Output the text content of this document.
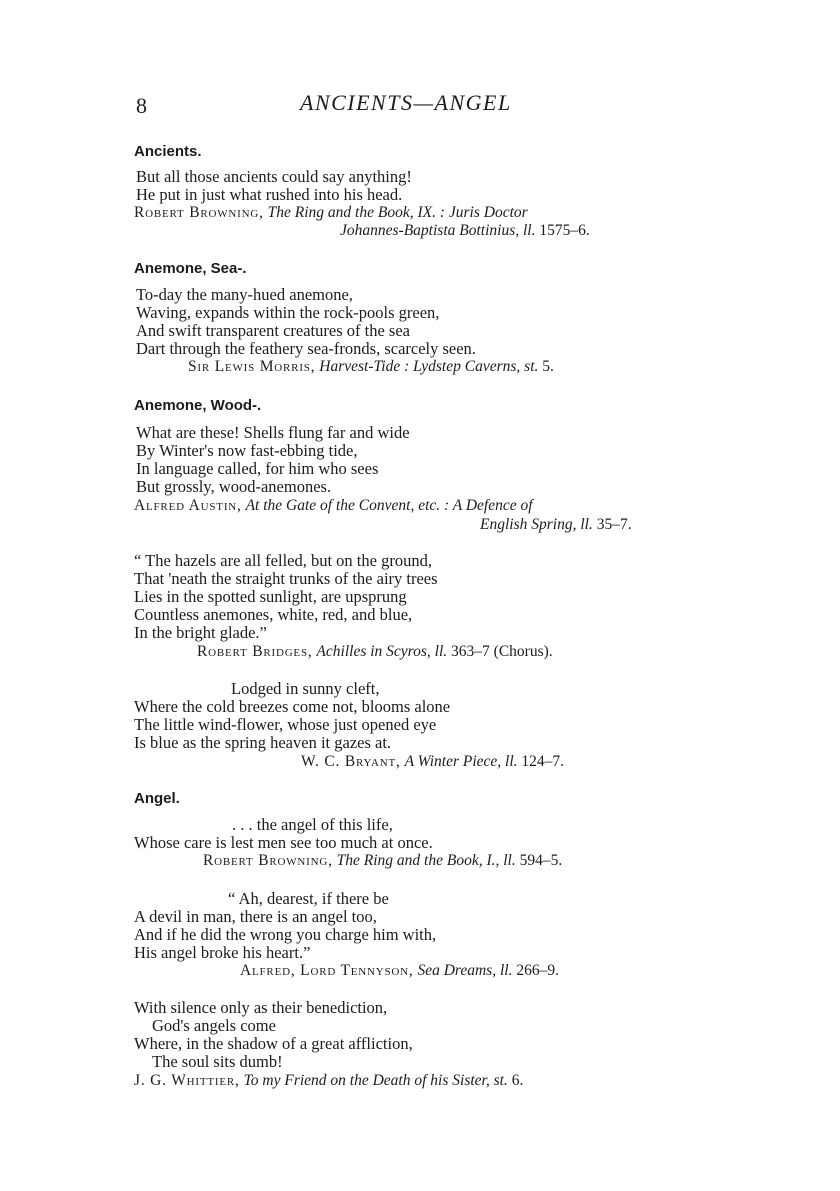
8	ANCIENTS—ANGEL
Ancients.
But all those ancients could say anything!
He put in just what rushed into his head.
Robert Browning, The Ring and the Book, IX. : Juris Doctor
Johannes-Baptista Bottinius, ll. 1575–6.
Anemone, Sea-.
To-day the many-hued anemone,
Waving, expands within the rock-pools green,
And swift transparent creatures of the sea
Dart through the feathery sea-fronds, scarcely seen.
Sir Lewis Morris, Harvest-Tide : Lydstep Caverns, st. 5.
Anemone, Wood-.
What are these! Shells flung far and wide
By Winter's now fast-ebbing tide,
In language called, for him who sees
But grossly, wood-anemones.
Alfred Austin, At the Gate of the Convent, etc. : A Defence of
English Spring, ll. 35–7.
“ The hazels are all felled, but on the ground,
That 'neath the straight trunks of the airy trees
Lies in the spotted sunlight, are upsprung
Countless anemones, white, red, and blue,
In the bright glade.”
Robert Bridges, Achilles in Scyros, ll. 363–7 (Chorus).
Lodged in sunny cleft,
Where the cold breezes come not, blooms alone
The little wind-flower, whose just opened eye
Is blue as the spring heaven it gazes at.
W. C. Bryant, A Winter Piece, ll. 124–7.
Angel.
. . . the angel of this life,
Whose care is lest men see too much at once.
Robert Browning, The Ring and the Book, I., ll. 594–5.
“ Ah, dearest, if there be
A devil in man, there is an angel too,
And if he did the wrong you charge him with,
His angel broke his heart.”
Alfred, Lord Tennyson, Sea Dreams, ll. 266–9.
With silence only as their benediction,
God's angels come
Where, in the shadow of a great affliction,
The soul sits dumb!
J. G. Whittier, To my Friend on the Death of his Sister, st. 6.
